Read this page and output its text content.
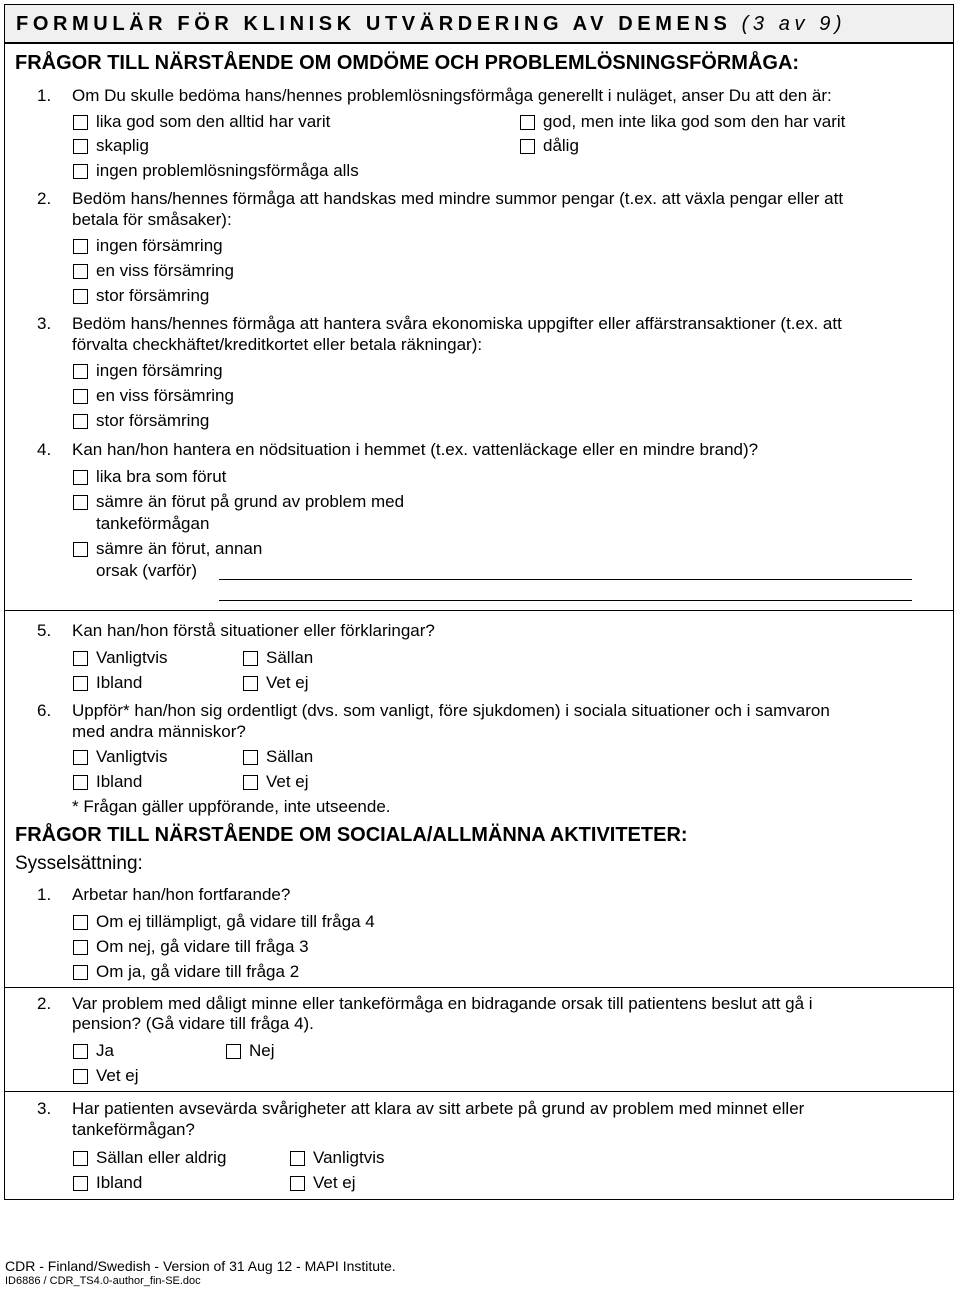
FORMULÄR FÖR KLINISK UTVÄRDERING AV DEMENS (3 av 9)
FRÅGOR TILL NÄRSTÅENDE OM OMDÖME OCH PROBLEMLÖSNINGSFÖRMÅGA:
1. Om Du skulle bedöma hans/hennes problemlösningsförmåga generellt i nuläget, anser Du att den är:
lika god som den alltid har varit	god, men inte lika god som den har varit
skaplig	dålig
ingen problemlösningsförmåga alls
2. Bedöm hans/hennes förmåga att handskas med mindre summor pengar (t.ex. att växla pengar eller att
betala för småsaker):
ingen försämring
en viss försämring
stor försämring
3. Bedöm hans/hennes förmåga att hantera svåra ekonomiska uppgifter eller affärstransaktioner (t.ex. att
förvalta checkhäftet/kreditkortet eller betala räkningar):
ingen försämring
en viss försämring
stor försämring
4. Kan han/hon hantera en nödsituation i hemmet (t.ex. vattenläckage eller en mindre brand)?
lika bra som förut
sämre än förut på grund av problem med
tankeförmågan
sämre än förut, annan
orsak (varför)
5. Kan han/hon förstå situationer eller förklaringar?
Vanligtvis	Sällan
Ibland	Vet ej
6. Uppför* han/hon sig ordentligt (dvs. som vanligt, före sjukdomen) i sociala situationer och i samvaron
med andra människor?
Vanligtvis	Sällan
Ibland	Vet ej
* Frågan gäller uppförande, inte utseende.
FRÅGOR TILL NÄRSTÅENDE OM SOCIALA/ALLMÄNNA AKTIVITETER:
Sysselsättning:
1. Arbetar han/hon fortfarande?
Om ej tillämpligt, gå vidare till fråga 4
Om nej, gå vidare till fråga 3
Om ja, gå vidare till fråga 2
2. Var problem med dåligt minne eller tankeförmåga en bidragande orsak till patientens beslut att gå i
pension? (Gå vidare till fråga 4).
Ja	Nej
Vet ej
3. Har patienten avsevärda svårigheter att klara av sitt arbete på grund av problem med minnet eller
tankeförmågan?
Sällan eller aldrig	Vanligtvis
Ibland	Vet ej
CDR - Finland/Swedish - Version of 31 Aug 12 - MAPI Institute.
ID6886 / CDR_TS4.0-author_fin-SE.doc
